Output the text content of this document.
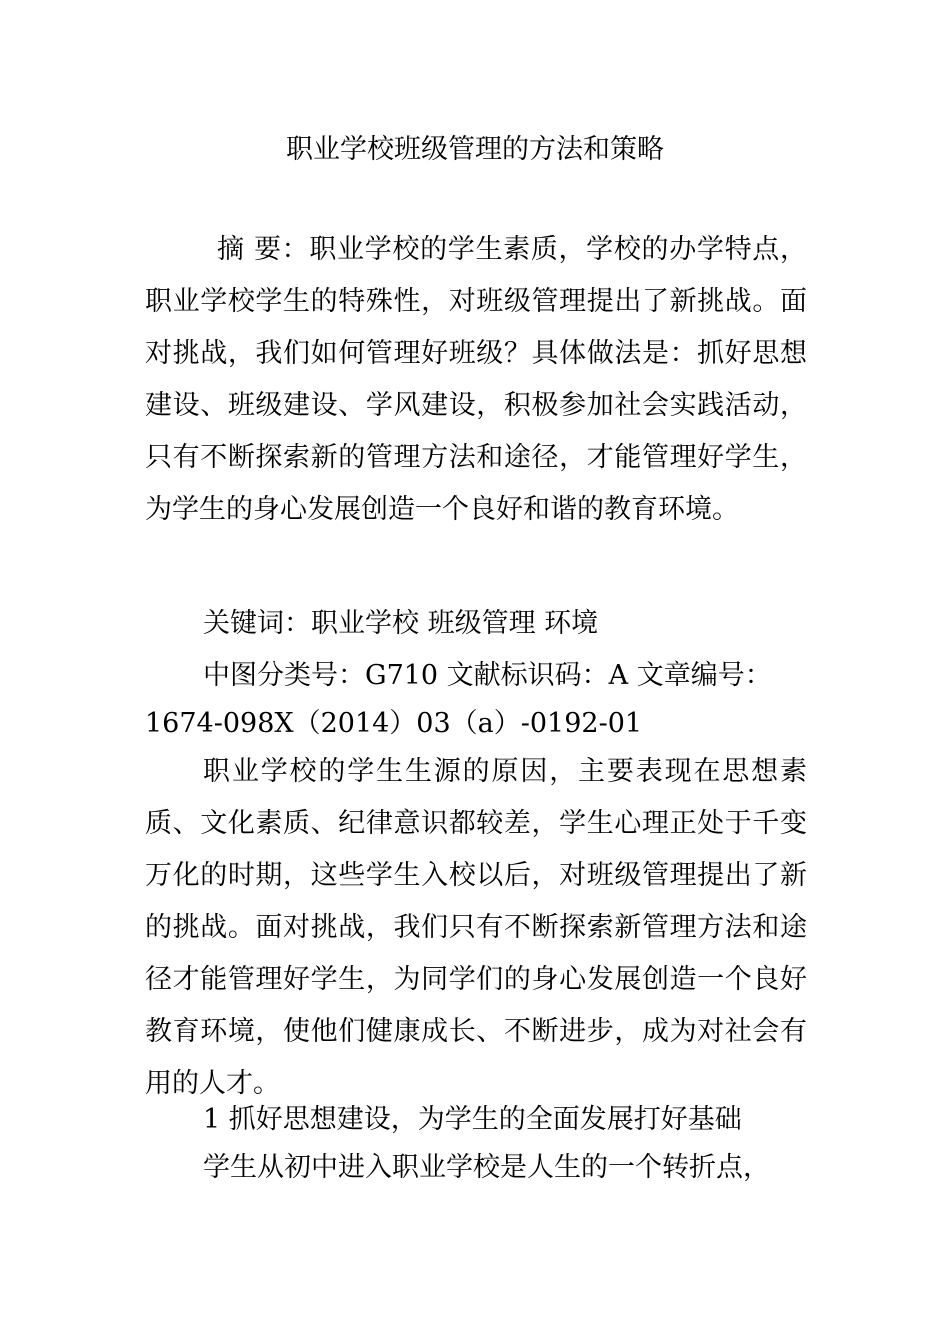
职业学校班级管理的方法和策略
摘 要：职业学校的学生素质，学校的办学特点，职业学校学生的特殊性，对班级管理提出了新挑战。面对挑战，我们如何管理好班级？具体做法是：抓好思想建设、班级建设、学风建设，积极参加社会实践活动，只有不断探索新的管理方法和途径，才能管理好学生，为学生的身心发展创造一个良好和谐的教育环境。
关键词：职业学校 班级管理 环境
中图分类号：G710 文献标识码：A 文章编号：
1674-098X（2014）03（a）-0192-01
职业学校的学生生源的原因，主要表现在思想素质、文化素质、纪律意识都较差，学生心理正处于千变万化的时期，这些学生入校以后，对班级管理提出了新的挑战。面对挑战，我们只有不断探索新管理方法和途径才能管理好学生，为同学们的身心发展创造一个良好教育环境，使他们健康成长、不断进步，成为对社会有用的人才。
1 抓好思想建设，为学生的全面发展打好基础
学生从初中进入职业学校是人生的一个转折点，
